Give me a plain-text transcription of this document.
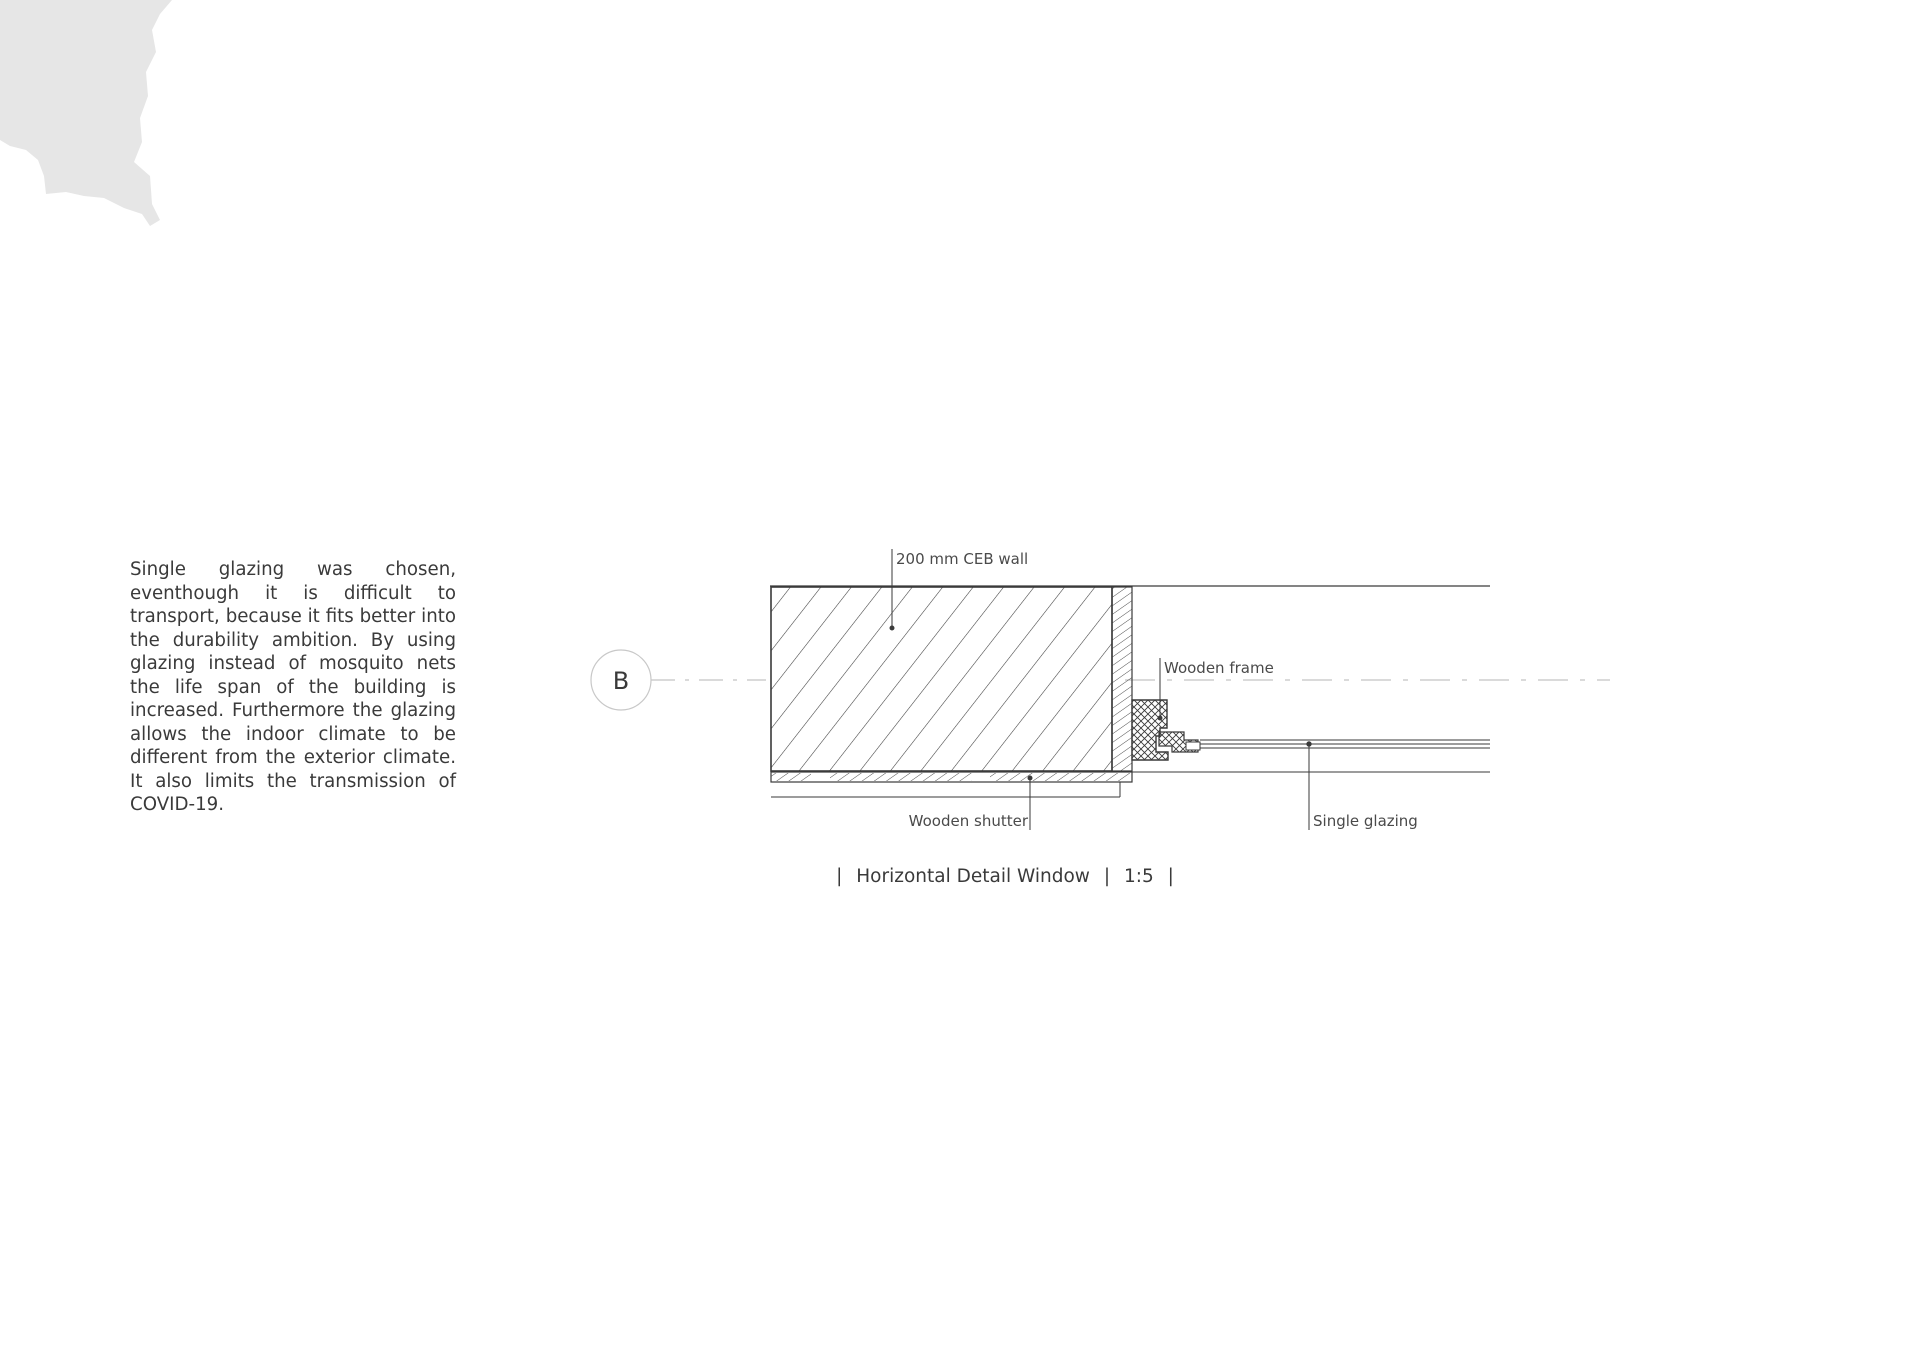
Single glazing was chosen, eventhough it is difficult to transport, because it fits better into the durability ambition. By using glazing instead of mosquito nets the life span of the building is increased. Furthermore the glazing allows the indoor climate to be different from the exterior climate. It also limits the transmission of COVID-19.

B
200 mm CEB wall
Wooden frame
Wooden shutter	Single glazing

| Horizontal Detail Window | 1:5 |
